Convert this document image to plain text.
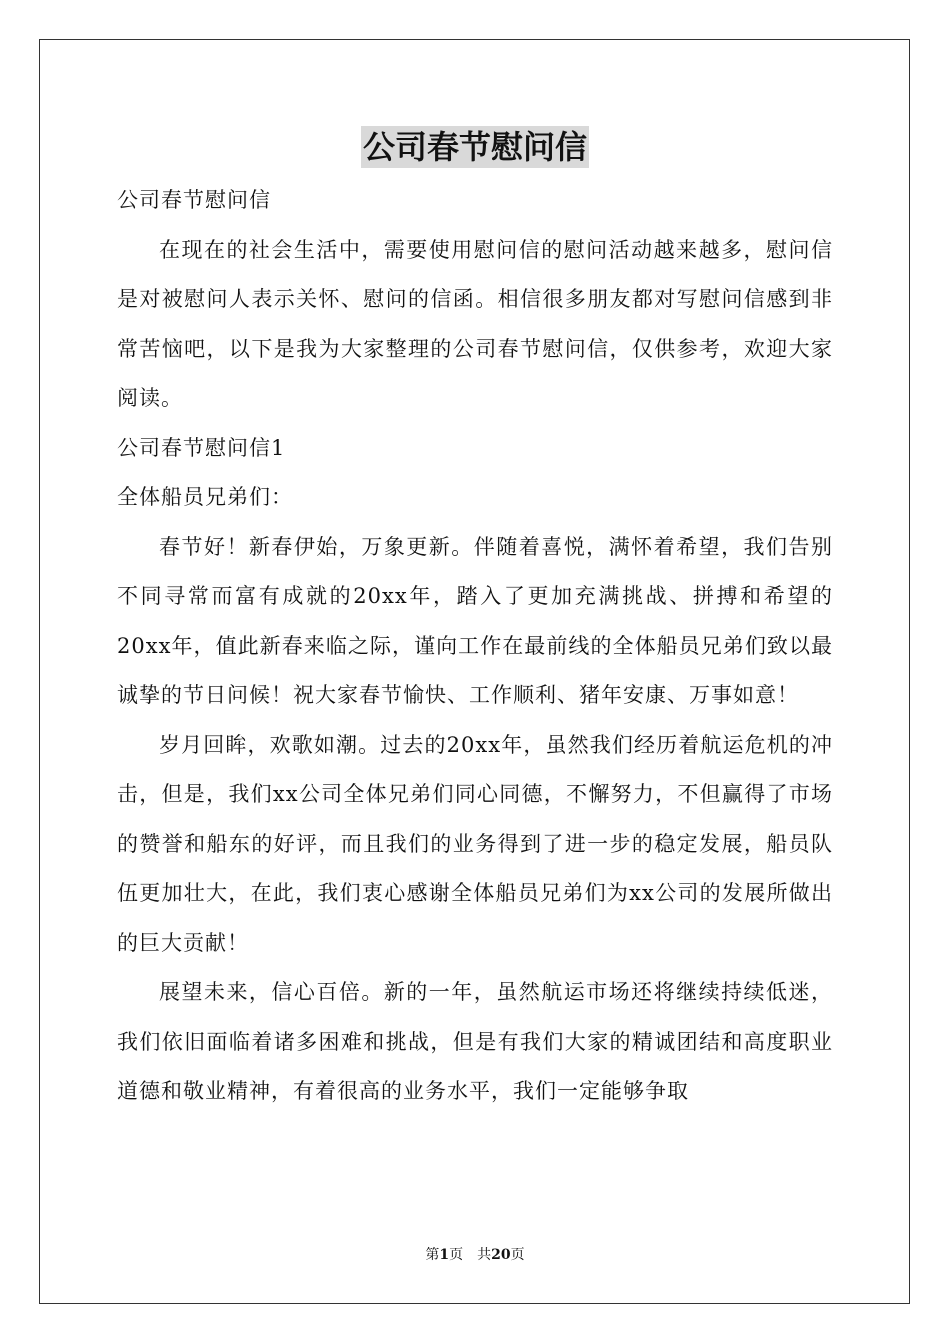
公司春节慰问信

公司春节慰问信

在现在的社会生活中，需要使用慰问信的慰问活动越来越多，慰问信是对被慰问人表示关怀、慰问的信函。相信很多朋友都对写慰问信感到非常苦恼吧，以下是我为大家整理的公司春节慰问信，仅供参考，欢迎大家阅读。

公司春节慰问信1

全体船员兄弟们：

春节好！新春伊始，万象更新。伴随着喜悦，满怀着希望，我们告别不同寻常而富有成就的20xx年，踏入了更加充满挑战、拼搏和希望的20xx年，值此新春来临之际，谨向工作在最前线的全体船员兄弟们致以最诚挚的节日问候！祝大家春节愉快、工作顺利、猪年安康、万事如意！

岁月回眸，欢歌如潮。过去的20xx年，虽然我们经历着航运危机的冲击，但是，我们xx公司全体兄弟们同心同德，不懈努力，不但赢得了市场的赞誉和船东的好评，而且我们的业务得到了进一步的稳定发展，船员队伍更加壮大，在此，我们衷心感谢全体船员兄弟们为xx公司的发展所做出的巨大贡献！

展望未来，信心百倍。新的一年，虽然航运市场还将继续持续低迷，我们依旧面临着诸多困难和挑战，但是有我们大家的精诚团结和高度职业道德和敬业精神，有着很高的业务水平，我们一定能够争取

第1页 共20页
